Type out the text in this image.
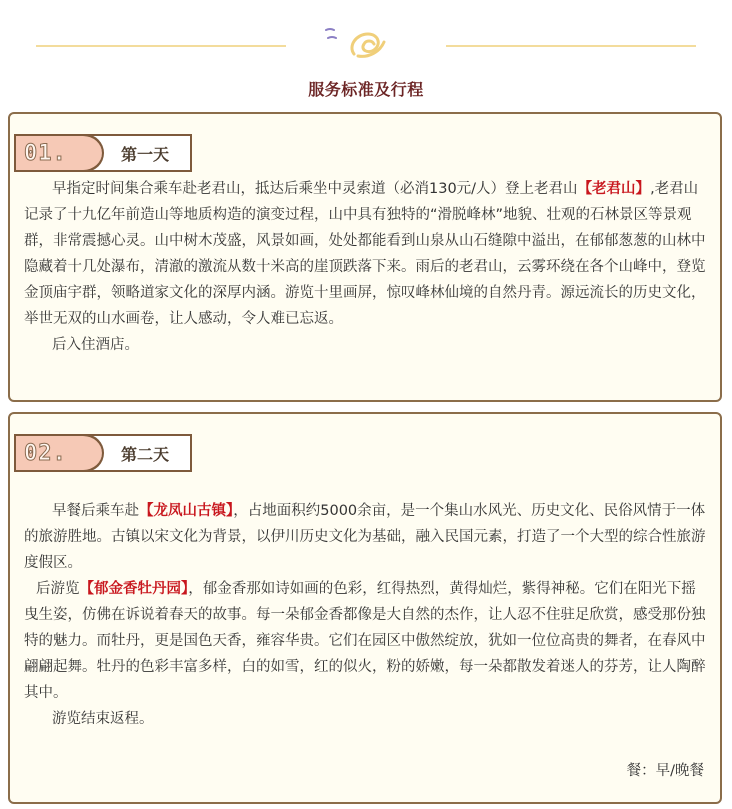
服务标准及行程
01.	第一天

早指定时间集合乘车赴老君山，抵达后乘坐中灵索道（必消130元/人）登上老君山【老君山】,老君山记录了十九亿年前造山等地质构造的演变过程，山中具有独特的“滑脱峰林”地貌、壮观的石林景区等景观群，非常震撼心灵。山中树木茂盛，风景如画，处处都能看到山泉从山石缝隙中溢出，在郁郁葱葱的山林中隐藏着十几处瀑布，清澈的激流从数十米高的崖顶跌落下来。雨后的老君山，云雾环绕在各个山峰中，登览金顶庙宇群，领略道家文化的深厚内涵。游览十里画屏，惊叹峰林仙境的自然丹青。源远流长的历史文化，举世无双的山水画卷，让人感动，令人难已忘返。

后入住酒店。

02.	第二天

早餐后乘车赴【龙凤山古镇】，占地面积约5000余亩，是一个集山水风光、历史文化、民俗风情于一体的旅游胜地。古镇以宋文化为背景，以伊川历史文化为基础，融入民国元素，打造了一个大型的综合性旅游度假区。

后游览【郁金香牡丹园】，郁金香那如诗如画的色彩，红得热烈，黄得灿烂，紫得神秘。它们在阳光下摇曳生姿，仿佛在诉说着春天的故事。每一朵郁金香都像是大自然的杰作，让人忍不住驻足欣赏，感受那份独特的魅力。而牡丹，更是国色天香，雍容华贵。它们在园区中傲然绽放，犹如一位位高贵的舞者，在春风中翩翩起舞。牡丹的色彩丰富多样，白的如雪，红的似火，粉的娇嫩，每一朵都散发着迷人的芬芳，让人陶醉其中。

游览结束返程。

餐：早/晚餐
